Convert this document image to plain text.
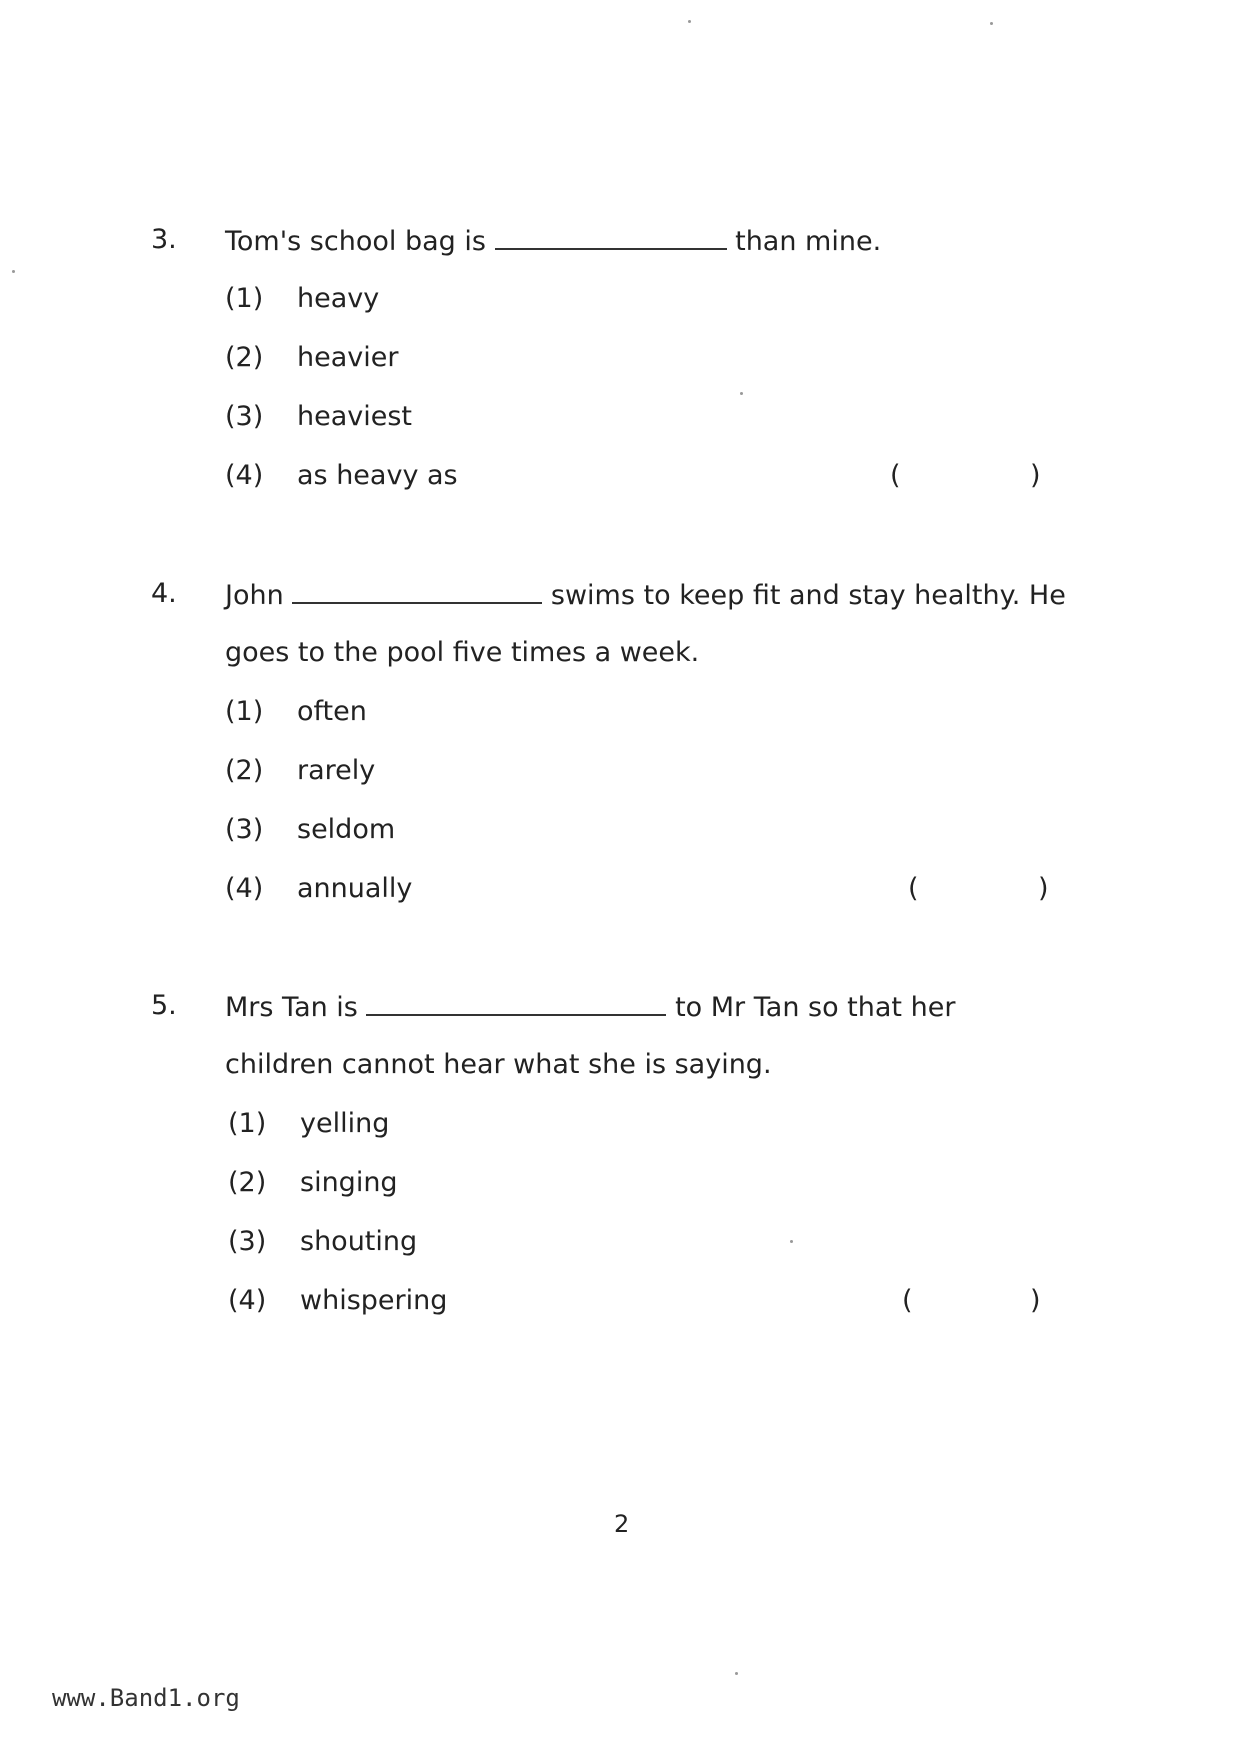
3. Tom's school bag is	than mine.
(1) heavy
(2) heavier
(3) heaviest
(4) as heavy as	(	)
4. John	swims to keep fit and stay healthy. He
goes to the pool five times a week.
(1) often
(2) rarely
(3) seldom
(4) annually	(	)
5. Mrs Tan is	to Mr Tan so that her
children cannot hear what she is saying.
(1) yelling
(2) singing
(3) shouting
(4) whispering	(	)
2
www.Band1.org
